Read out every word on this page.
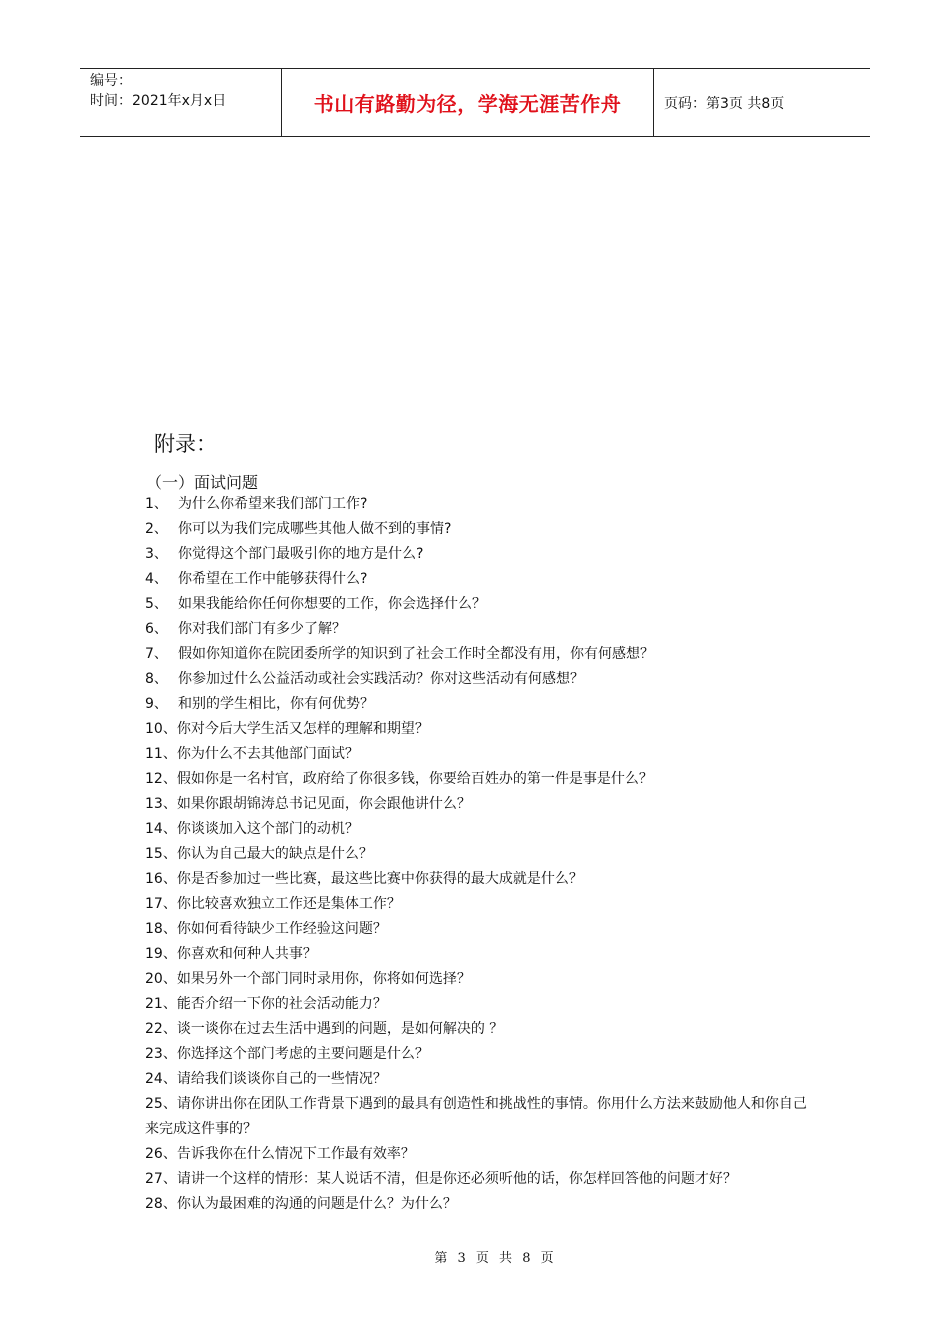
编号：
时间：2021年x月x日	书山有路勤为径，学海无涯苦作舟	页码：第3页 共8页
附录：
（一）面试问题
1、 为什么你希望来我们部门工作?
2、 你可以为我们完成哪些其他人做不到的事情?
3、 你觉得这个部门最吸引你的地方是什么?
4、 你希望在工作中能够获得什么?
5、 如果我能给你任何你想要的工作，你会选择什么？
6、 你对我们部门有多少了解？
7、 假如你知道你在院团委所学的知识到了社会工作时全都没有用，你有何感想？
8、 你参加过什么公益活动或社会实践活动？你对这些活动有何感想？
9、 和别的学生相比，你有何优势？
10、你对今后大学生活又怎样的理解和期望？
11、你为什么不去其他部门面试？
12、假如你是一名村官，政府给了你很多钱，你要给百姓办的第一件是事是什么？
13、如果你跟胡锦涛总书记见面，你会跟他讲什么？
14、你谈谈加入这个部门的动机？
15、你认为自己最大的缺点是什么？
16、你是否参加过一些比赛，最这些比赛中你获得的最大成就是什么？
17、你比较喜欢独立工作还是集体工作？
18、你如何看待缺少工作经验这问题？
19、你喜欢和何种人共事？
20、如果另外一个部门同时录用你，你将如何选择？
21、能否介绍一下你的社会活动能力？
22、谈一谈你在过去生活中遇到的问题，是如何解决的 ？
23、你选择这个部门考虑的主要问题是什么？
24、请给我们谈谈你自己的一些情况？
25、请你讲出你在团队工作背景下遇到的最具有创造性和挑战性的事情。你用什么方法来鼓励他人和你自己来完成这件事的？
26、告诉我你在什么情况下工作最有效率？
27、请讲一个这样的情形：某人说话不清，但是你还必须听他的话，你怎样回答他的问题才好？
28、你认为最困难的沟通的问题是什么？为什么？
第 3 页 共 8 页
